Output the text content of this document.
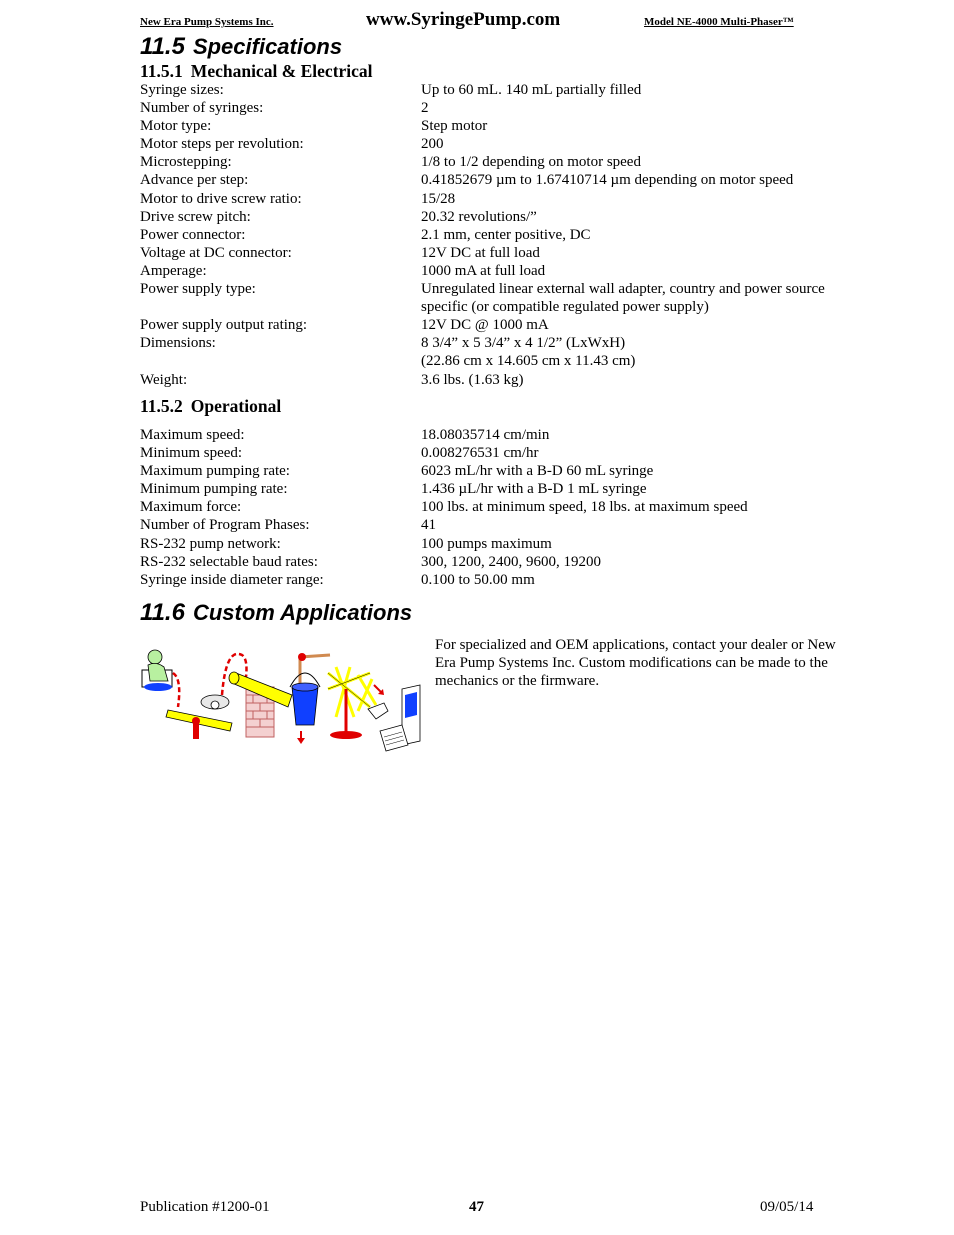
New Era Pump Systems Inc.	www.SyringePump.com	Model NE-4000 Multi-Phaser™
11.5 Specifications
11.5.1 Mechanical & Electrical
Syringe sizes:	Up to 60 mL. 140 mL partially filled
Number of syringes:	2
Motor type:	Step motor
Motor steps per revolution:	200
Microstepping:	1/8 to 1/2 depending on motor speed
Advance per step:	0.41852679 µm to 1.67410714 µm depending on motor speed
Motor to drive screw ratio:	15/28
Drive screw pitch:	20.32 revolutions/”
Power connector:	2.1 mm, center positive, DC
Voltage at DC connector:	12V DC at full load
Amperage:	1000 mA at full load
Power supply type:	Unregulated linear external wall adapter, country and power source specific (or compatible regulated power supply)
Power supply output rating:	12V DC @ 1000 mA
Dimensions:	8 3/4” x 5 3/4” x 4 1/2” (LxWxH)
(22.86 cm x 14.605 cm x 11.43 cm)
Weight:	3.6 lbs. (1.63 kg)
11.5.2 Operational
Maximum speed:	18.08035714 cm/min
Minimum speed:	0.008276531 cm/hr
Maximum pumping rate:	6023 mL/hr with a B-D 60 mL syringe
Minimum pumping rate:	1.436 µL/hr with a B-D 1 mL syringe
Maximum force:	100 lbs. at minimum speed, 18 lbs. at maximum speed
Number of Program Phases:	41
RS-232 pump network:	100 pumps maximum
RS-232 selectable baud rates:	300, 1200, 2400, 9600, 19200
Syringe inside diameter range:	0.100 to 50.00 mm
11.6 Custom Applications
For specialized and OEM applications, contact your dealer or New Era Pump Systems Inc. Custom modifications can be made to the mechanics or the firmware.
Publication #1200-01	47	09/05/14
